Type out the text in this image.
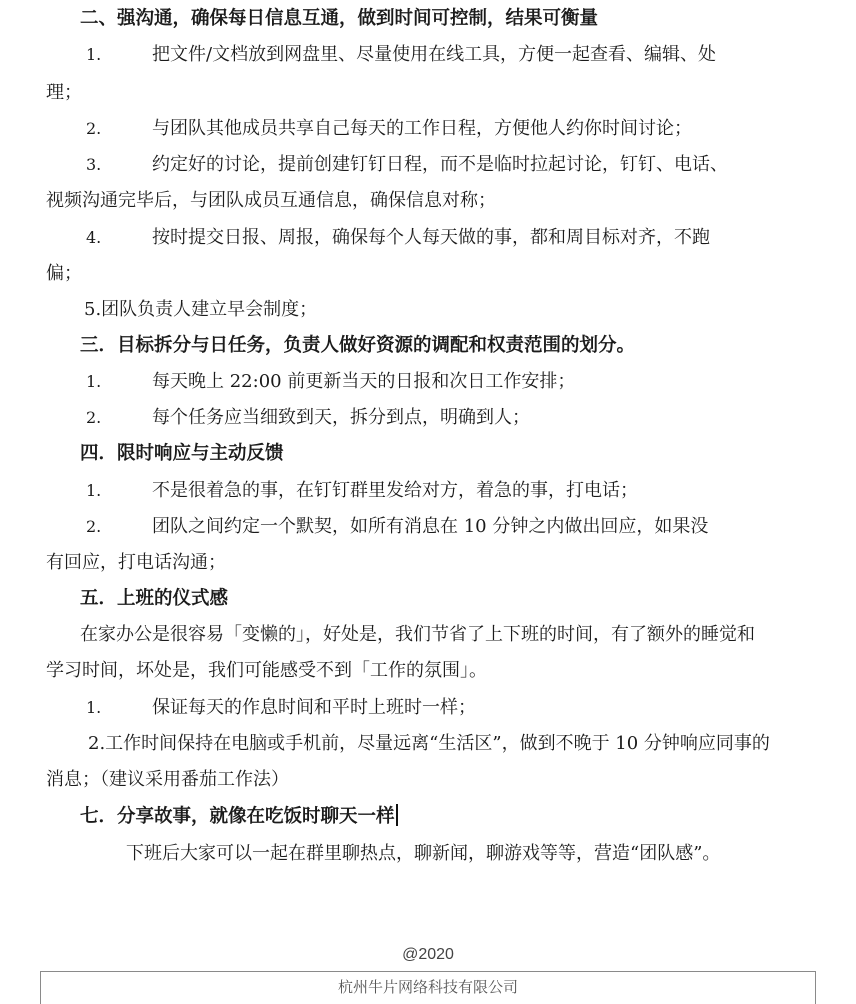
二、强沟通，确保每日信息互通，做到时间可控制，结果可衡量
1.	把文件/文档放到网盘里、尽量使用在线工具，方便一起查看、编辑、处
理；
2.	与团队其他成员共享自己每天的工作日程，方便他人约你时间讨论；
3.	约定好的讨论，提前创建钉钉日程，而不是临时拉起讨论，钉钉、电话、
视频沟通完毕后，与团队成员互通信息，确保信息对称；
4.	按时提交日报、周报，确保每个人每天做的事，都和周目标对齐，不跑
偏；
5.团队负责人建立早会制度；
三．目标拆分与日任务，负责人做好资源的调配和权责范围的划分。
1.	每天晚上 22:00 前更新当天的日报和次日工作安排；
2.	每个任务应当细致到天，拆分到点，明确到人；
四．限时响应与主动反馈
1.	不是很着急的事，在钉钉群里发给对方，着急的事，打电话；
2.	团队之间约定一个默契，如所有消息在 10 分钟之内做出回应，如果没
有回应，打电话沟通；
五．上班的仪式感
在家办公是很容易「变懒的」，好处是，我们节省了上下班的时间，有了额外的睡觉和
学习时间，坏处是，我们可能感受不到「工作的氛围」。
1.	保证每天的作息时间和平时上班时一样；
2.工作时间保持在电脑或手机前，尽量远离“生活区”，做到不晚于 10 分钟响应同事的
消息；（建议采用番茄工作法）
七．分享故事，就像在吃饭时聊天一样
下班后大家可以一起在群里聊热点，聊新闻，聊游戏等等，营造“团队感”。
@2020
杭州牛片网络科技有限公司
